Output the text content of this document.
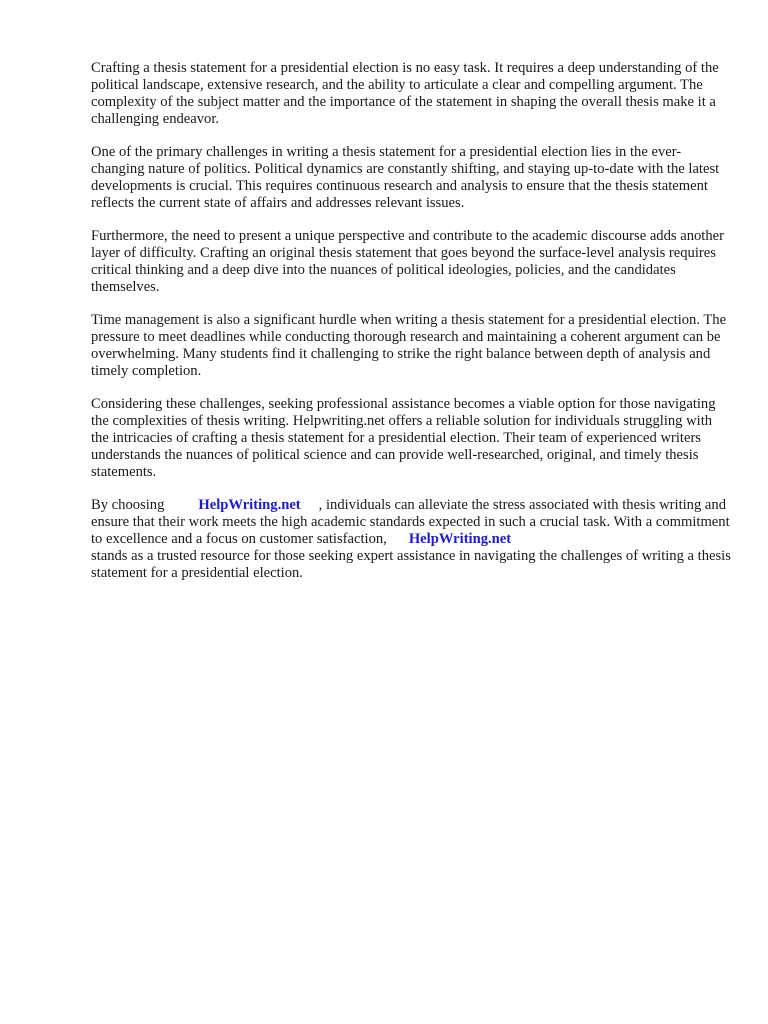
Crafting a thesis statement for a presidential election is no easy task. It requires a deep understanding of the political landscape, extensive research, and the ability to articulate a clear and compelling argument. The complexity of the subject matter and the importance of the statement in shaping the overall thesis make it a challenging endeavor.

One of the primary challenges in writing a thesis statement for a presidential election lies in the ever-changing nature of politics. Political dynamics are constantly shifting, and staying up-to-date with the latest developments is crucial. This requires continuous research and analysis to ensure that the thesis statement reflects the current state of affairs and addresses relevant issues.

Furthermore, the need to present a unique perspective and contribute to the academic discourse adds another layer of difficulty. Crafting an original thesis statement that goes beyond the surface-level analysis requires critical thinking and a deep dive into the nuances of political ideologies, policies, and the candidates themselves.

Time management is also a significant hurdle when writing a thesis statement for a presidential election. The pressure to meet deadlines while conducting thorough research and maintaining a coherent argument can be overwhelming. Many students find it challenging to strike the right balance between depth of analysis and timely completion.

Considering these challenges, seeking professional assistance becomes a viable option for those navigating the complexities of thesis writing. Helpwriting.net offers a reliable solution for individuals struggling with the intricacies of crafting a thesis statement for a presidential election. Their team of experienced writers understands the nuances of political science and can provide well-researched, original, and timely thesis statements.

By choosing HelpWriting.net , individuals can alleviate the stress associated with thesis writing and ensure that their work meets the high academic standards expected in such a crucial task. With a commitment to excellence and a focus on customer satisfaction, HelpWriting.net
stands as a trusted resource for those seeking expert assistance in navigating the challenges of writing a thesis statement for a presidential election.
